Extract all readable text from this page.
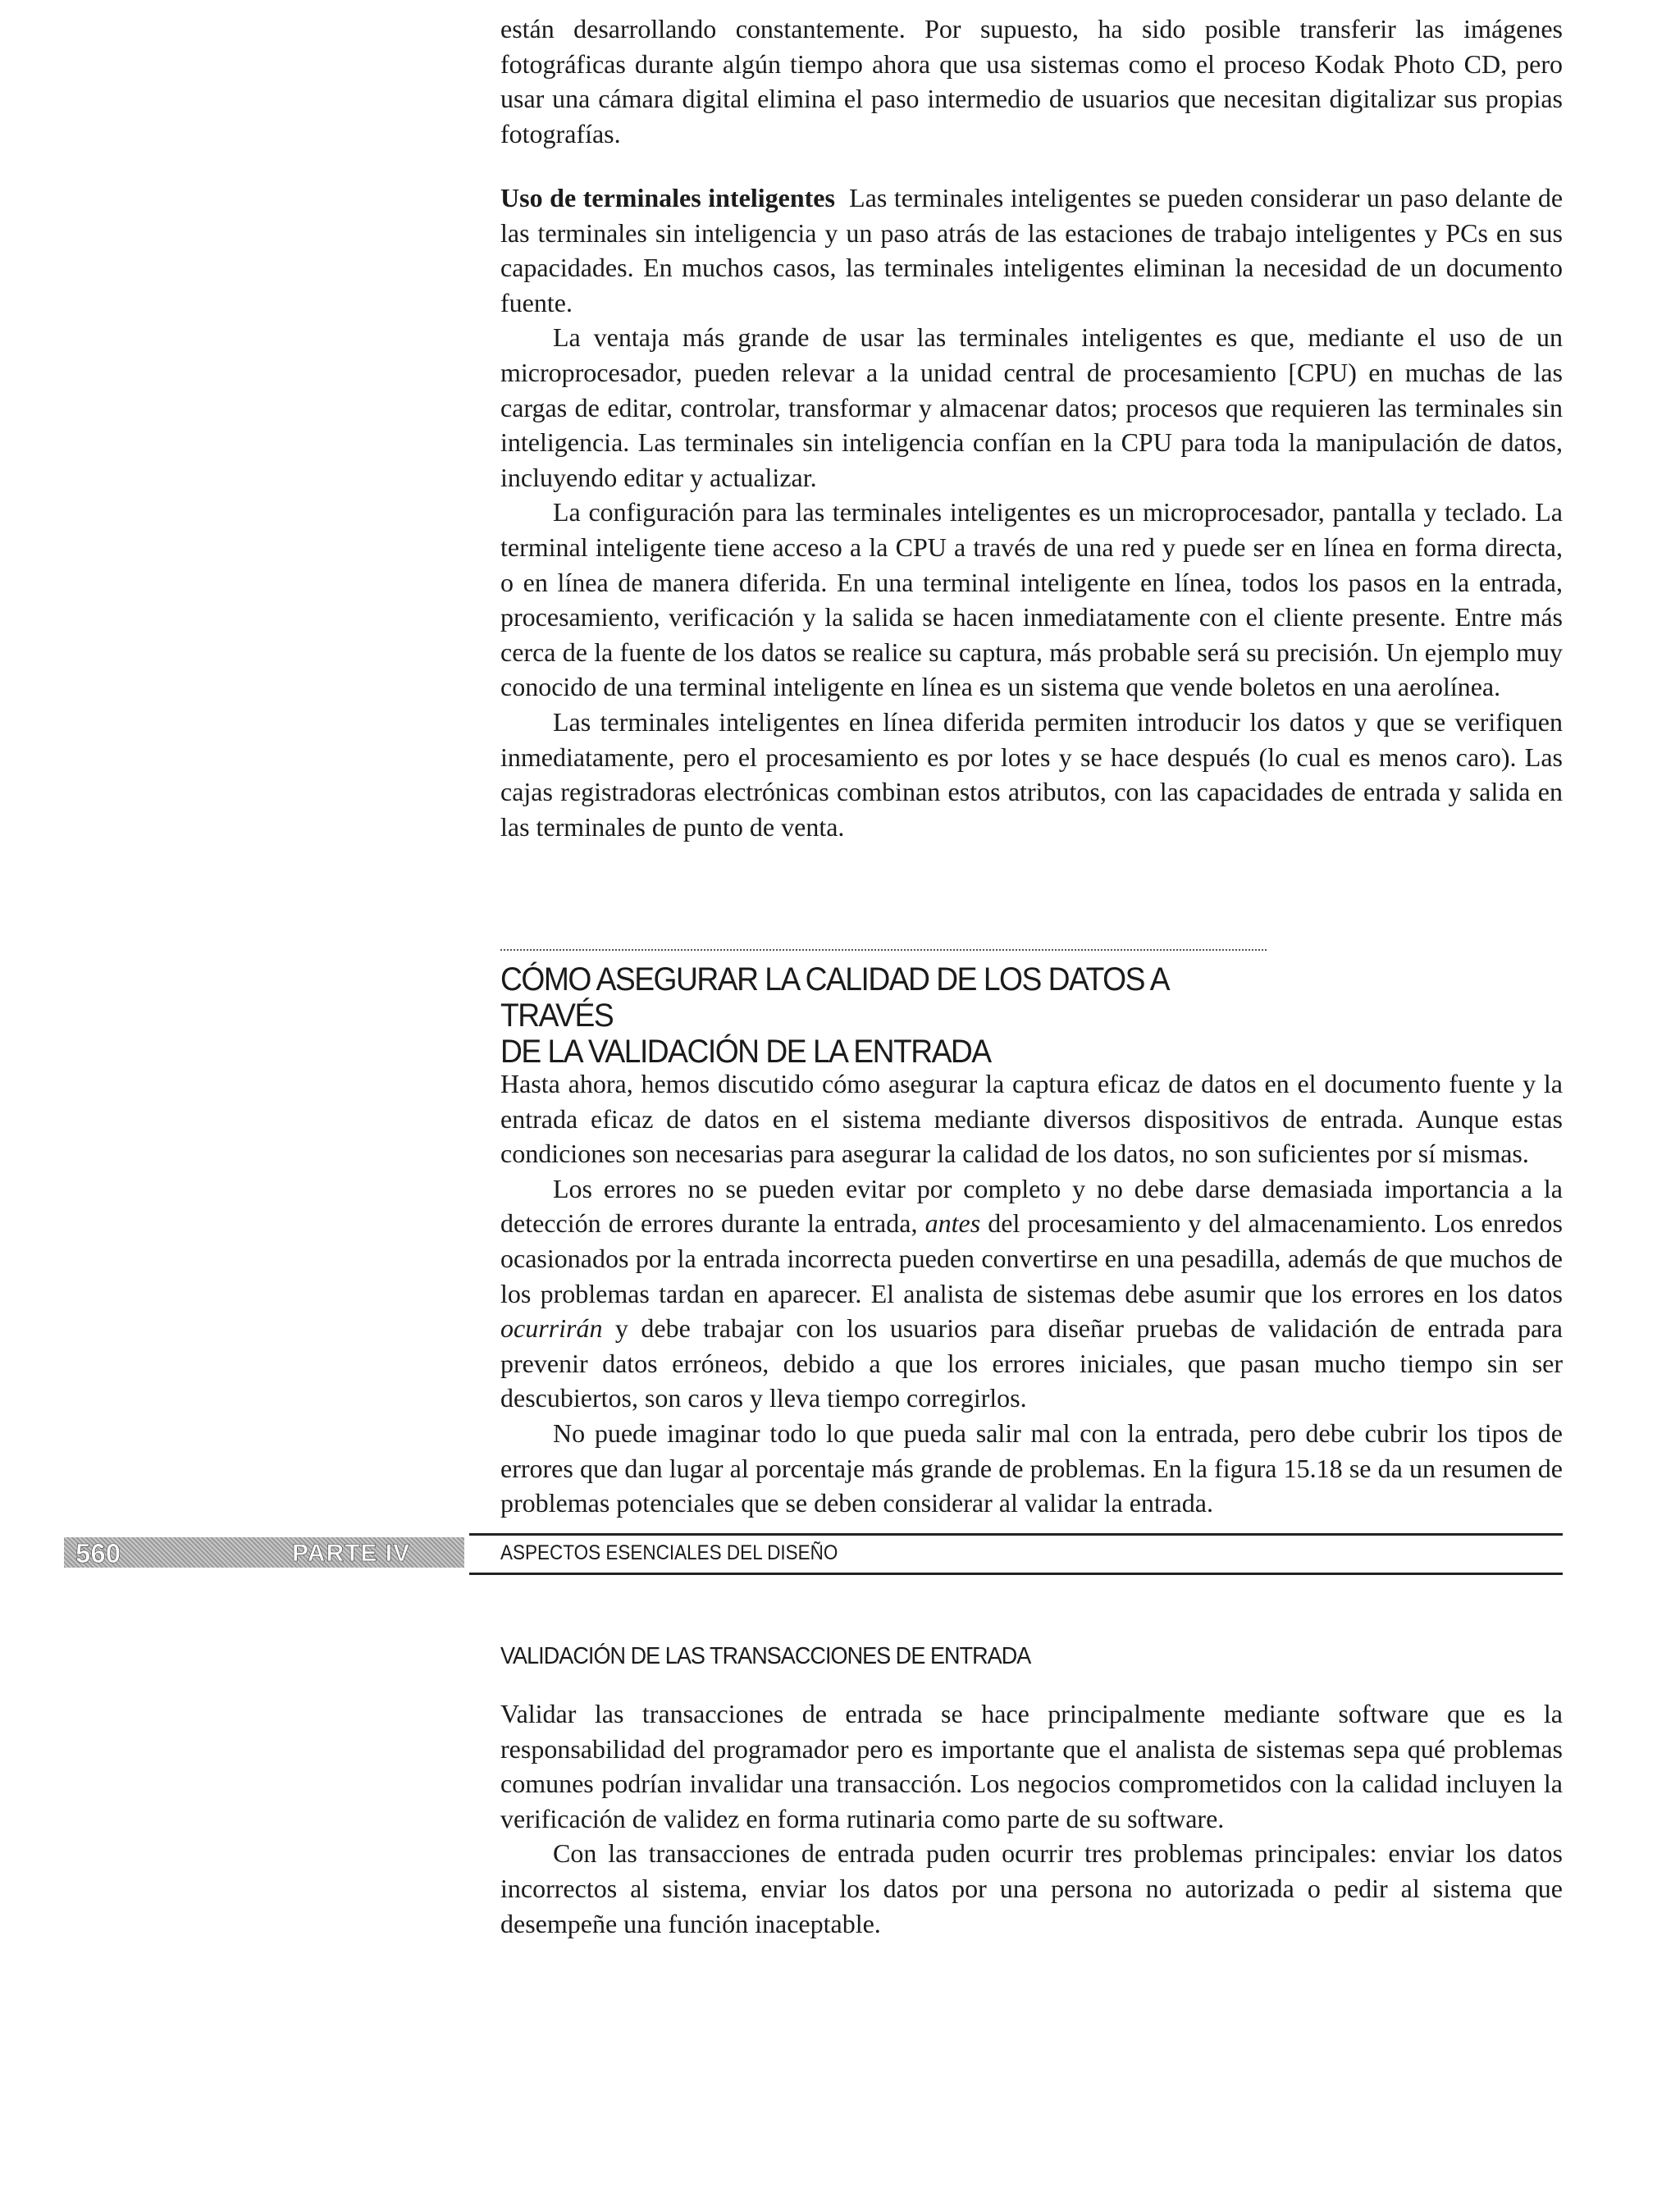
están desarrollando constantemente. Por supuesto, ha sido posible transferir las imágenes fotográficas durante algún tiempo ahora que usa sistemas como el proceso Kodak Photo CD, pero usar una cámara digital elimina el paso intermedio de usuarios que necesitan digitalizar sus propias fotografías.

Uso de terminales inteligentes Las terminales inteligentes se pueden considerar un paso delante de las terminales sin inteligencia y un paso atrás de las estaciones de trabajo inteligentes y PCs en sus capacidades. En muchos casos, las terminales inteligentes eliminan la necesidad de un documento fuente.

La ventaja más grande de usar las terminales inteligentes es que, mediante el uso de un microprocesador, pueden relevar a la unidad central de procesamiento [CPU) en muchas de las cargas de editar, controlar, transformar y almacenar datos; procesos que requieren las terminales sin inteligencia. Las terminales sin inteligencia confían en la CPU para toda la manipulación de datos, incluyendo editar y actualizar.

La configuración para las terminales inteligentes es un microprocesador, pantalla y teclado. La terminal inteligente tiene acceso a la CPU a través de una red y puede ser en línea en forma directa, o en línea de manera diferida. En una terminal inteligente en línea, todos los pasos en la entrada, procesamiento, verificación y la salida se hacen inmediatamente con el cliente presente. Entre más cerca de la fuente de los datos se realice su captura, más probable será su precisión. Un ejemplo muy conocido de una terminal inteligente en línea es un sistema que vende boletos en una aerolínea.

Las terminales inteligentes en línea diferida permiten introducir los datos y que se verifiquen inmediatamente, pero el procesamiento es por lotes y se hace después (lo cual es menos caro). Las cajas registradoras electrónicas combinan estos atributos, con las capacidades de entrada y salida en las terminales de punto de venta.

CÓMO ASEGURAR LA CALIDAD DE LOS DATOS A TRAVÉS
DE LA VALIDACIÓN DE LA ENTRADA

Hasta ahora, hemos discutido cómo asegurar la captura eficaz de datos en el documento fuente y la entrada eficaz de datos en el sistema mediante diversos dispositivos de entrada. Aunque estas condiciones son necesarias para asegurar la calidad de los datos, no son suficientes por sí mismas.

Los errores no se pueden evitar por completo y no debe darse demasiada importancia a la detección de errores durante la entrada, antes del procesamiento y del almacenamiento. Los enredos ocasionados por la entrada incorrecta pueden convertirse en una pesadilla, además de que muchos de los problemas tardan en aparecer. El analista de sistemas debe asumir que los errores en los datos ocurrirán y debe trabajar con los usuarios para diseñar pruebas de validación de entrada para prevenir datos erróneos, debido a que los errores iniciales, que pasan mucho tiempo sin ser descubiertos, son caros y lleva tiempo corregirlos.

No puede imaginar todo lo que pueda salir mal con la entrada, pero debe cubrir los tipos de errores que dan lugar al porcentaje más grande de problemas. En la figura 15.18 se da un resumen de problemas potenciales que se deben considerar al validar la entrada.

VALIDACIÓN DE LAS TRANSACCIONES DE ENTRADA

Validar las transacciones de entrada se hace principalmente mediante software que es la responsabilidad del programador pero es importante que el analista de sistemas sepa qué problemas comunes podrían invalidar una transacción. Los negocios comprometidos con la calidad incluyen la verificación de validez en forma rutinaria como parte de su software.

Con las transacciones de entrada puden ocurrir tres problemas principales: enviar los datos incorrectos al sistema, enviar los datos por una persona no autorizada o pedir al sistema que desempeñe una función inaceptable.

560	PARTE IV	ASPECTOS ESENCIALES DEL DISEÑO
